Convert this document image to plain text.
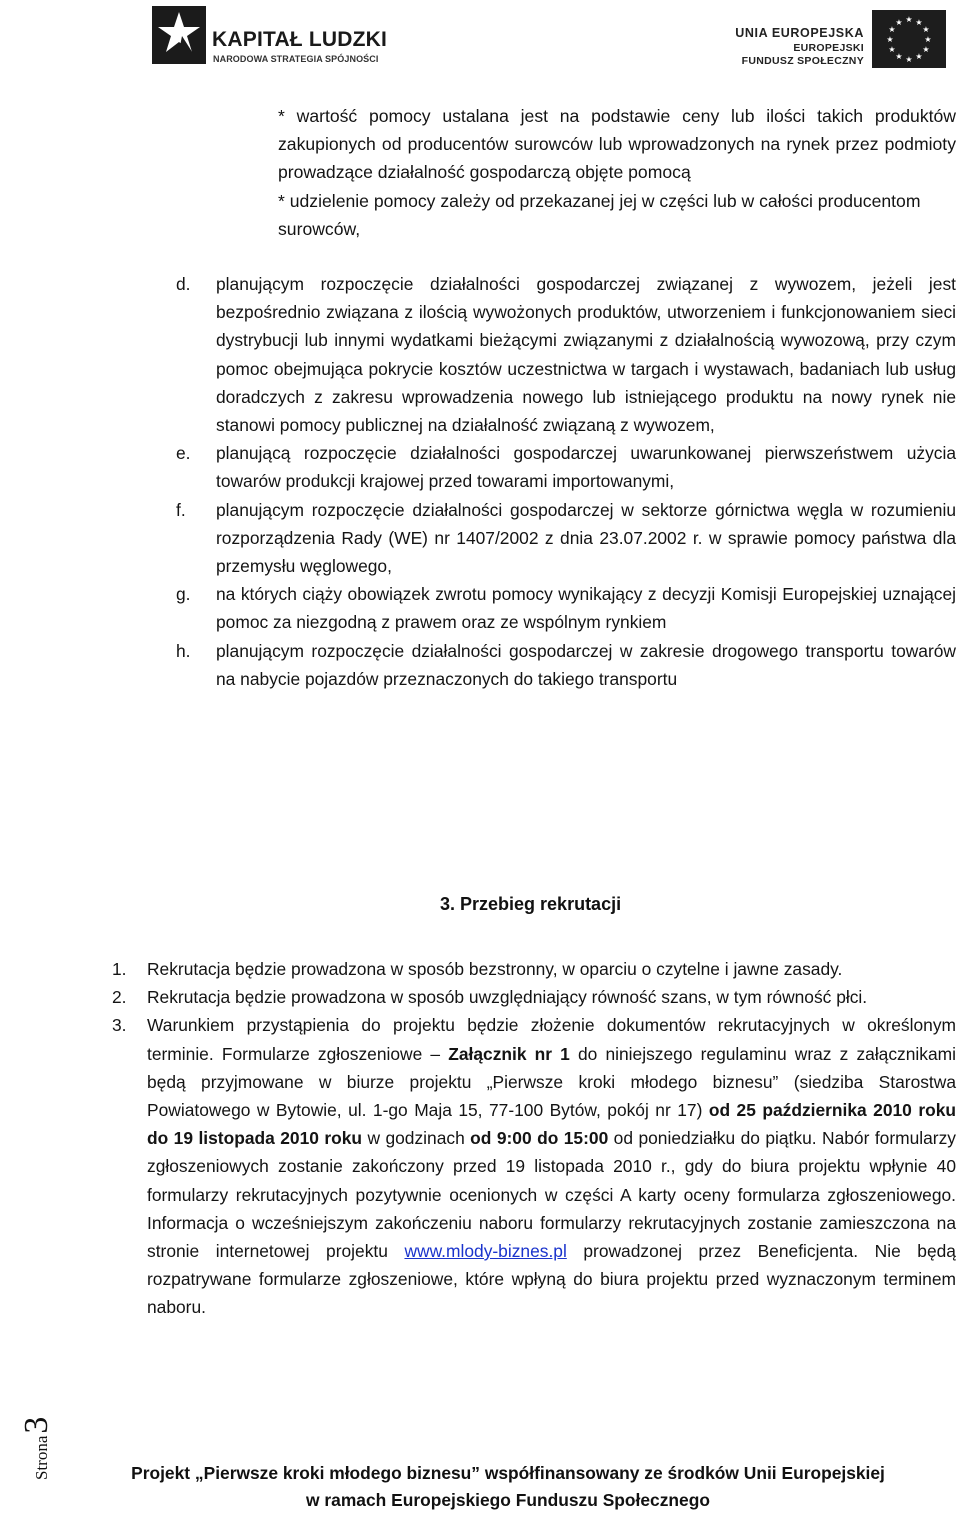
KAPITAŁ LUDZKI
NARODOWA STRATEGIA SPÓJNOŚCI
UNIA EUROPEJSKA
EUROPEJSKI
FUNDUSZ SPOŁECZNY
★ ★
★
★
★
★
★
★
★
★
★
★

* wartość pomocy ustalana jest na podstawie ceny lub ilości takich produktów zakupionych od producentów surowców lub wprowadzonych na rynek przez podmioty prowadzące działalność gospodarczą objęte pomocą

* udzielenie pomocy zależy od przekazanej jej w części lub w całości producentom surowców,

d. planującym rozpoczęcie działalności gospodarczej związanej z wywozem, jeżeli jest bezpośrednio związana z ilością wywożonych produktów, utworzeniem i funkcjonowaniem sieci dystrybucji lub innymi wydatkami bieżącymi związanymi z działalnością wywozową, przy czym pomoc obejmująca pokrycie kosztów uczestnictwa w targach i wystawach, badaniach lub usług doradczych z zakresu wprowadzenia nowego lub istniejącego produktu na nowy rynek nie stanowi pomocy publicznej na działalność związaną z wywozem,
e. planującą rozpoczęcie działalności gospodarczej uwarunkowanej pierwszeństwem użycia towarów produkcji krajowej przed towarami importowanymi,
f. planującym rozpoczęcie działalności gospodarczej w sektorze górnictwa węgla w rozumieniu rozporządzenia Rady (WE) nr 1407/2002 z dnia 23.07.2002 r. w sprawie pomocy państwa dla przemysłu węglowego,
g. na których ciąży obowiązek zwrotu pomocy wynikający z decyzji Komisji Europejskiej uznającej pomoc za niezgodną z prawem oraz ze wspólnym rynkiem
h. planującym rozpoczęcie działalności gospodarczej w zakresie drogowego transportu towarów na nabycie pojazdów przeznaczonych do takiego transportu
3. Przebieg rekrutacji
1. Rekrutacja będzie prowadzona w sposób bezstronny, w oparciu o czytelne i jawne zasady.
2. Rekrutacja będzie prowadzona w sposób uwzględniający równość szans, w tym równość płci.
3. Warunkiem przystąpienia do projektu będzie złożenie dokumentów rekrutacyjnych w określonym terminie. Formularze zgłoszeniowe – Załącznik nr 1 do niniejszego regulaminu wraz z załącznikami będą przyjmowane w biurze projektu „Pierwsze kroki młodego biznesu” (siedziba Starostwa Powiatowego w Bytowie, ul. 1-go Maja 15, 77-100 Bytów, pokój nr 17) od 25 października 2010 roku do 19 listopada 2010 roku w godzinach od 9:00 do 15:00 od poniedziałku do piątku. Nabór formularzy zgłoszeniowych zostanie zakończony przed 19 listopada 2010 r., gdy do biura projektu wpłynie 40 formularzy rekrutacyjnych pozytywnie ocenionych w części A karty oceny formularza zgłoszeniowego. Informacja o wcześniejszym zakończeniu naboru formularzy rekrutacyjnych zostanie zamieszczona na stronie internetowej projektu www.mlody-biznes.pl prowadzonej przez Beneficjenta. Nie będą rozpatrywane formularze zgłoszeniowe, które wpłyną do biura projektu przed wyznaczonym terminem naboru.
Strona3
Projekt „Pierwsze kroki młodego biznesu” współfinansowany ze środków Unii Europejskiej
w ramach Europejskiego Funduszu Społecznego
